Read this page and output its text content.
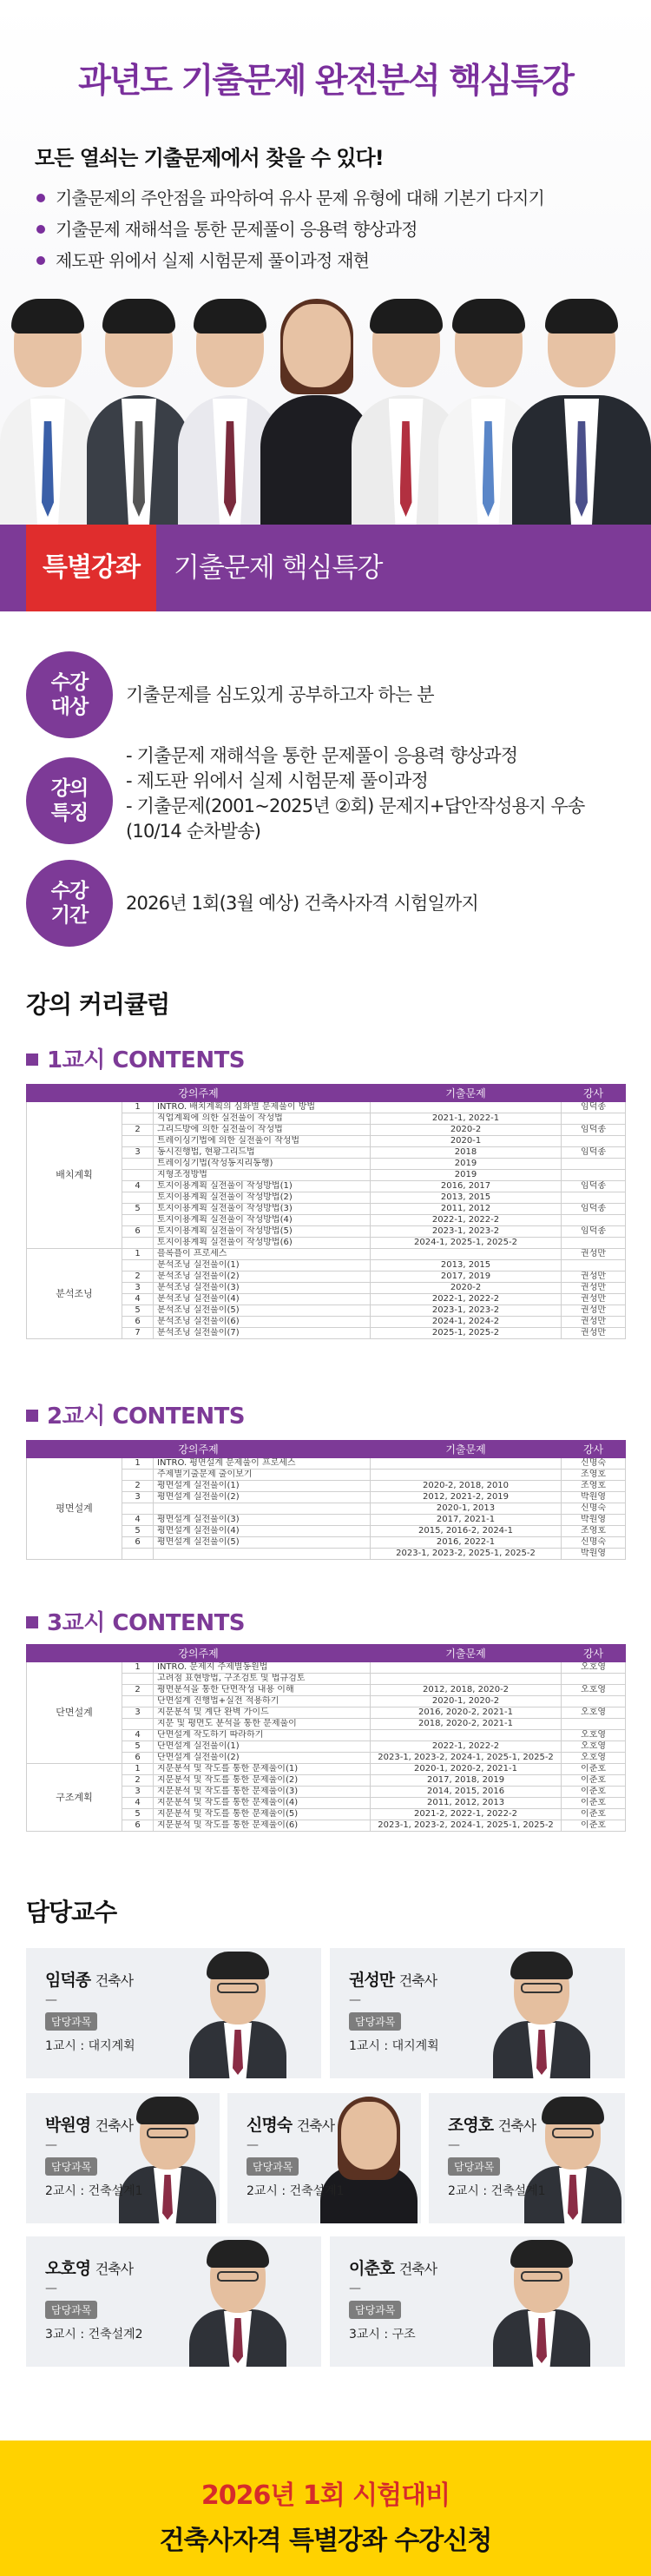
과년도 기출문제 완전분석 핵심특강
모든 열쇠는 기출문제에서 찾을 수 있다!
기출문제의 주안점을 파악하여 유사 문제 유형에 대해 기본기 다지기
기출문제 재해석을 통한 문제풀이 응용력 향상과정
제도판 위에서 실제 시험문제 풀이과정 재현
특별강좌	기출문제 핵심특강
수강
대상
기출문제를 심도있게 공부하고자 하는 분
강의
특징
- 기출문제 재해석을 통한 문제풀이 응용력 향상과정
- 제도판 위에서 실제 시험문제 풀이과정
- 기출문제(2001~2025년 ②회) 문제지+답안작성용지 우송
(10/14 순차발송)
수강
기간
2026년 1회(3월 예상) 건축사자격 시험일까지
강의 커리큘럼
1교시 CONTENTS
강의주제			기출문제	강사
배치계획	1	INTRO. 배치계획의 심화별 문제풀이 방법		임덕종
		직업계획에 의한 실전풀이 작성법	2021-1, 2022-1	
	2	그리드방에 의한 실전풀이 작성법	2020-2	임덕종
		트레이싱기법에 의한 실전풀이 작성법	2020-1	
	3	동시진행법, 현황그리드법	2018	임덕종
		트레이싱기법(작성동지리동행)	2019	
		지형조정방법	2019	
	4	토지이용계획 실전풀이 작성방법(1)	2016, 2017	임덕종
		토지이용계획 실전풀이 작성방법(2)	2013, 2015	
	5	토지이용계획 실전풀이 작성방법(3)	2011, 2012	임덕종
		토지이용계획 실전풀이 작성방법(4)	2022-1, 2022-2	
	6	토지이용계획 실전풀이 작성방법(5)	2023-1, 2023-2	임덕종
		토지이용계획 실전풀이 작성방법(6)	2024-1, 2025-1, 2025-2	
분석조닝	1	블록플이 프로세스		권성만
		분석조닝 실전풀이(1)	2013, 2015	
	2	분석조닝 실전풀이(2)	2017, 2019	권성만
	3	분석조닝 실전풀이(3)	2020-2	권성만
	4	분석조닝 실전풀이(4)	2022-1, 2022-2	권성만
	5	분석조닝 실전풀이(5)	2023-1, 2023-2	권성만
	6	분석조닝 실전풀이(6)	2024-1, 2024-2	권성만
	7	분석조닝 실전풀이(7)	2025-1, 2025-2	권성만
2교시 CONTENTS
강의주제			기출문제	강사
평면설계	1	INTRO. 평면설계 문제풀이 프로세스		신명숙
		주제별기출문제 출이보기		조영호
	2	평면설계 실전풀이(1)	2020-2, 2018, 2010	조영호
	3	평면설계 실전풀이(2)	2012, 2021-2, 2019	박원영
			2020-1, 2013	신명숙
	4	평면설계 실전풀이(3)	2017, 2021-1	박원영
	5	평면설계 실전풀이(4)	2015, 2016-2, 2024-1	조영호
	6	평면설계 실전풀이(5)	2016, 2022-1	신명숙
			2023-1, 2023-2, 2025-1, 2025-2	박원영
3교시 CONTENTS
강의주제			기출문제	강사
단면설계	1	INTRO. 문제지 주제별동원법		오호영
		고려점 표현방법, 구조검토 및 법규검토		
	2	평면분석을 통한 단면작성 내용 이해	2012, 2018, 2020-2	오호영
		단면설계 진행법+실전 적용하기	2020-1, 2020-2	
	3	지문분석 및 계단 완벽 가이드	2016, 2020-2, 2021-1	오호영
		지문 및 평면도 분석을 통한 문제풀이	2018, 2020-2, 2021-1	
	4	단면설계 작도하기 따라하기		오호영
	5	단면설계 실전풀이(1)	2022-1, 2022-2	오호영
	6	단면설계 실전풀이(2)	2023-1, 2023-2, 2024-1, 2025-1, 2025-2	오호영
구조계획	1	지문분석 및 작도를 통한 문제풀이(1)	2020-1, 2020-2, 2021-1	이춘호
	2	지문분석 및 작도를 통한 문제풀이(2)	2017, 2018, 2019	이춘호
	3	지문분석 및 작도를 통한 문제풀이(3)	2014, 2015, 2016	이춘호
	4	지문분석 및 작도를 통한 문제풀이(4)	2011, 2012, 2013	이춘호
	5	지문분석 및 작도를 통한 문제풀이(5)	2021-2, 2022-1, 2022-2	이춘호
	6	지문분석 및 작도를 통한 문제풀이(6)	2023-1, 2023-2, 2024-1, 2025-1, 2025-2	이춘호
담당교수
임덕종 건축사
—
담당과목
1교시 : 대지계획
권성만 건축사
—
담당과목
1교시 : 대지계획
박원영 건축사
—
담당과목
2교시 : 건축설계1
신명숙 건축사
—
담당과목
2교시 : 건축설계1
조영호 건축사
—
담당과목
2교시 : 건축설계1
오호영 건축사
—
담당과목
3교시 : 건축설계2
이춘호 건축사
—
담당과목
3교시 : 구조
2026년 1회 시험대비
건축사자격 특별강좌 수강신청
